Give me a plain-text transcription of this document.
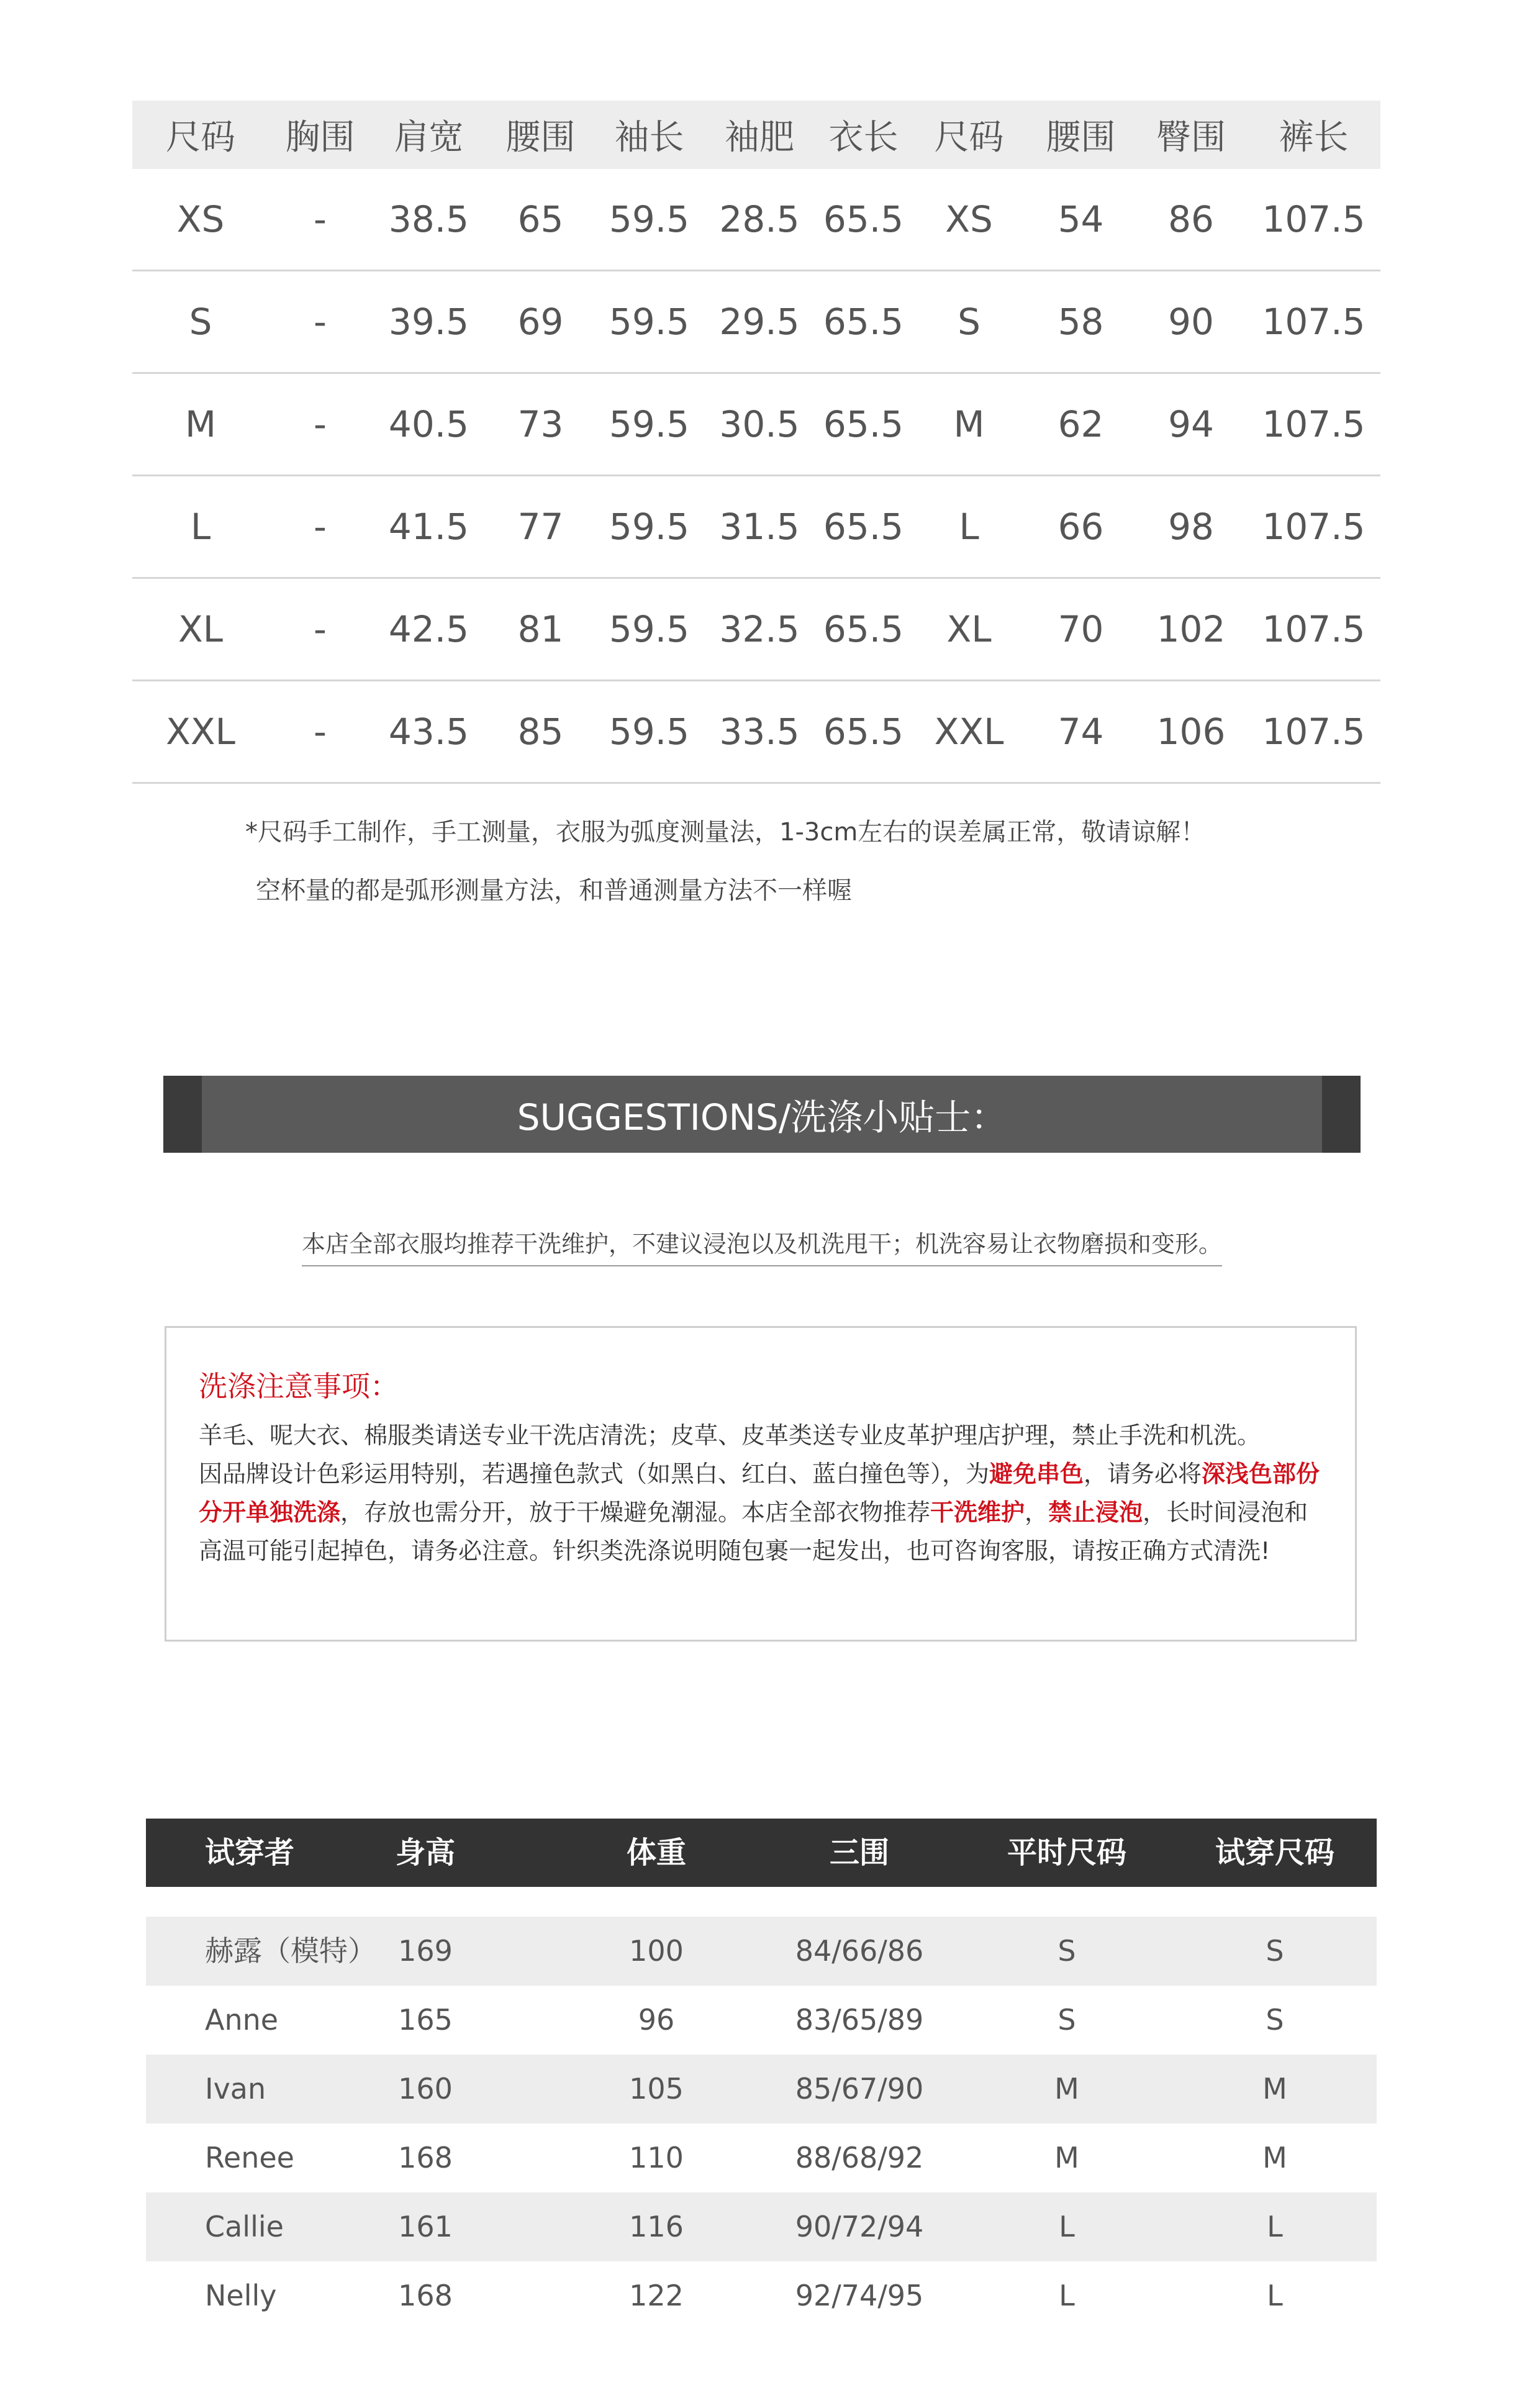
尺码	胸围	肩宽	腰围	袖长	袖肥	衣长	尺码	腰围	臀围	裤长
XS	-	38.5	65	59.5	28.5	65.5	XS	54	86	107.5
S	-	39.5	69	59.5	29.5	65.5	S	58	90	107.5
M	-	40.5	73	59.5	30.5	65.5	M	62	94	107.5
L	-	41.5	77	59.5	31.5	65.5	L	66	98	107.5
XL	-	42.5	81	59.5	32.5	65.5	XL	70	102	107.5
XXL	-	43.5	85	59.5	33.5	65.5	XXL	74	106	107.5
*尺码手工制作，手工测量，衣服为弧度测量法，1-3cm左右的误差属正常，敬请谅解！
空杯量的都是弧形测量方法，和普通测量方法不一样喔
SUGGESTIONS/洗涤小贴士：
本店全部衣服均推荐干洗维护，不建议浸泡以及机洗甩干；机洗容易让衣物磨损和变形。
洗涤注意事项：
羊毛、呢大衣、棉服类请送专业干洗店清洗；皮草、皮革类送专业皮革护理店护理，禁止手洗和机洗。
因品牌设计色彩运用特别，若遇撞色款式（如黑白、红白、蓝白撞色等），为避免串色，请务必将深浅色部份分开单独洗涤，存放也需分开，放于干燥避免潮湿。本店全部衣物推荐干洗维护，禁止浸泡，长时间浸泡和高温可能引起掉色，请务必注意。针织类洗涤说明随包裹一起发出，也可咨询客服，请按正确方式清洗!
试穿者	身高	体重	三围	平时尺码	试穿尺码
赫露（模特） 169	100	84/66/86	S	S
Anne	165	96	83/65/89	S	S
Ivan	160	105	85/67/90	M	M
Renee	168	110	88/68/92	M	M
Callie	161	116	90/72/94	L	L
Nelly	168	122	92/74/95	L	L
